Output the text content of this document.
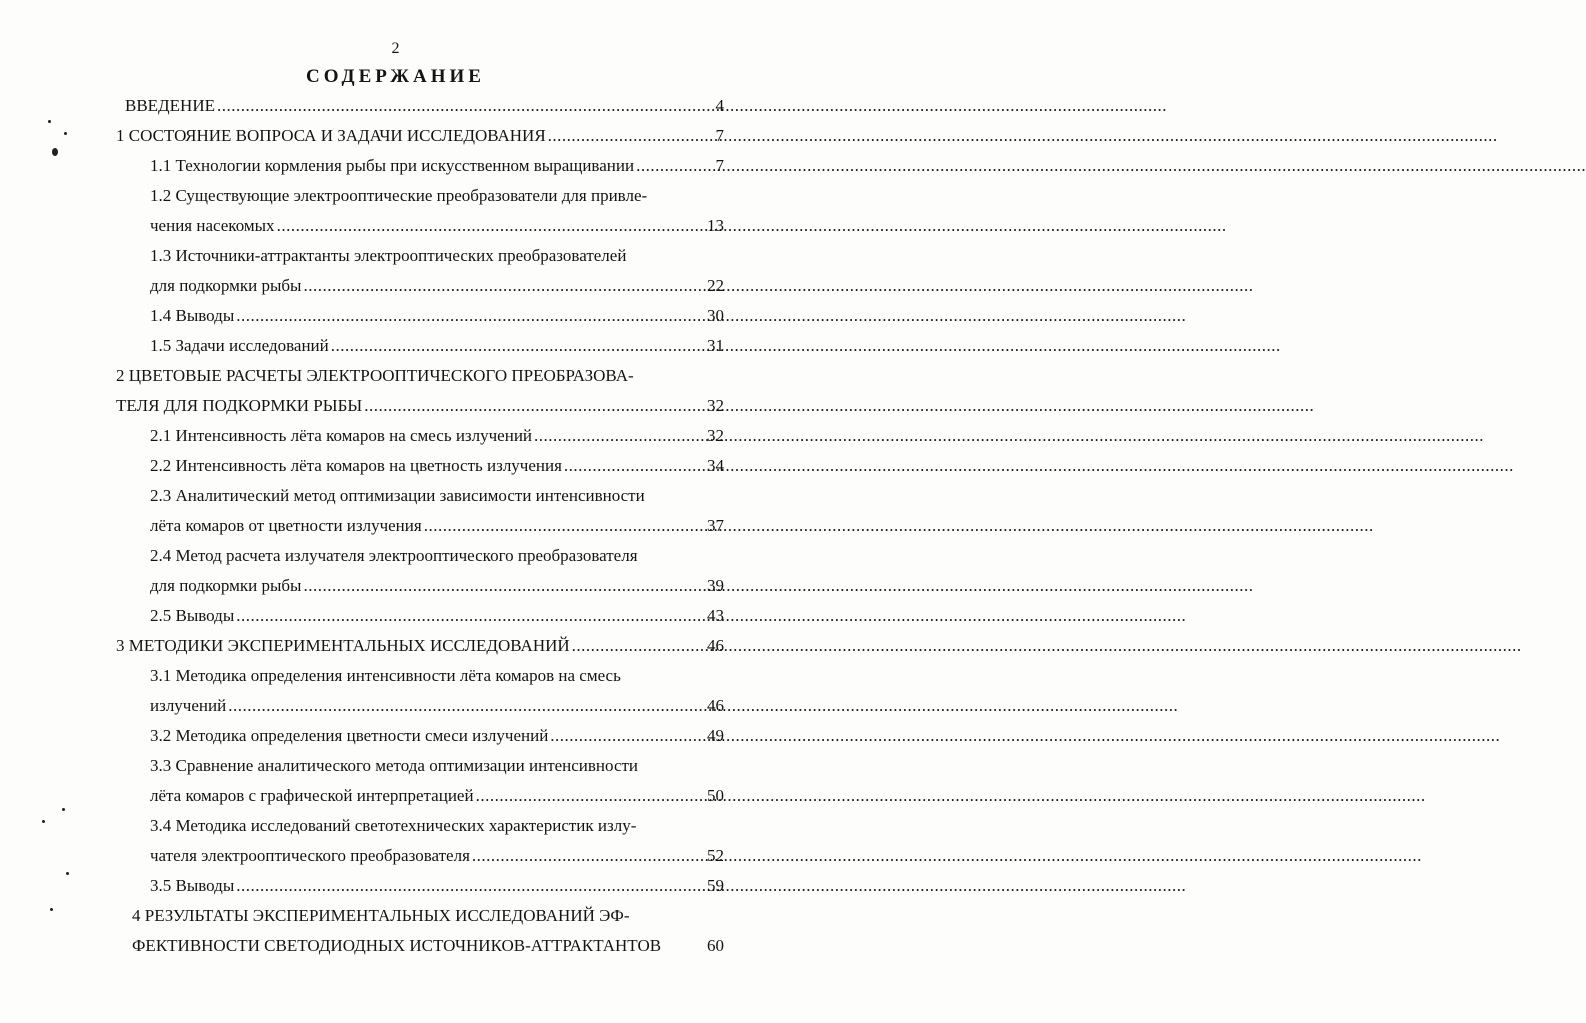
2
СОДЕРЖАНИЕ
ВВЕДЕНИЕ .....	4
1 СОСТОЯНИЕ ВОПРОСА И ЗАДАЧИ ИССЛЕДОВАНИЯ .....	7
1.1 Технологии кормления рыбы при искусственном выращивании .....	7
1.2 Существующие электрооптические преобразователи для привле-
чения насекомых .....	13
1.3 Источники-аттрактанты электрооптических преобразователей
для подкормки рыбы .....	22
1.4 Выводы .....	30
1.5 Задачи исследований .....	31
2 ЦВЕТОВЫЕ РАСЧЕТЫ ЭЛЕКТРООПТИЧЕСКОГО ПРЕОБРАЗОВА-
ТЕЛЯ ДЛЯ ПОДКОРМКИ РЫБЫ .....	32
2.1 Интенсивность лёта комаров на смесь излучений .....	32
2.2 Интенсивность лёта комаров на цветность излучения .....	34
2.3 Аналитический метод оптимизации зависимости интенсивности
лёта комаров от цветности излучения .....	37
2.4 Метод расчета излучателя электрооптического преобразователя
для подкормки рыбы .....	39
2.5 Выводы .....	43
3 МЕТОДИКИ ЭКСПЕРИМЕНТАЛЬНЫХ ИССЛЕДОВАНИЙ .....	46
3.1 Методика определения интенсивности лёта комаров на смесь
излучений .....	46
3.2 Методика определения цветности смеси излучений .....	49
3.3 Сравнение аналитического метода оптимизации интенсивности
лёта комаров с графической интерпретацией .....	50
3.4 Методика исследований светотехнических характеристик излу-
чателя электрооптического преобразователя .....	52
3.5 Выводы .....	59
4 РЕЗУЛЬТАТЫ ЭКСПЕРИМЕНТАЛЬНЫХ ИССЛЕДОВАНИЙ ЭФ-
ФЕКТИВНОСТИ СВЕТОДИОДНЫХ ИСТОЧНИКОВ-АТТРАКТАНТОВ	60
